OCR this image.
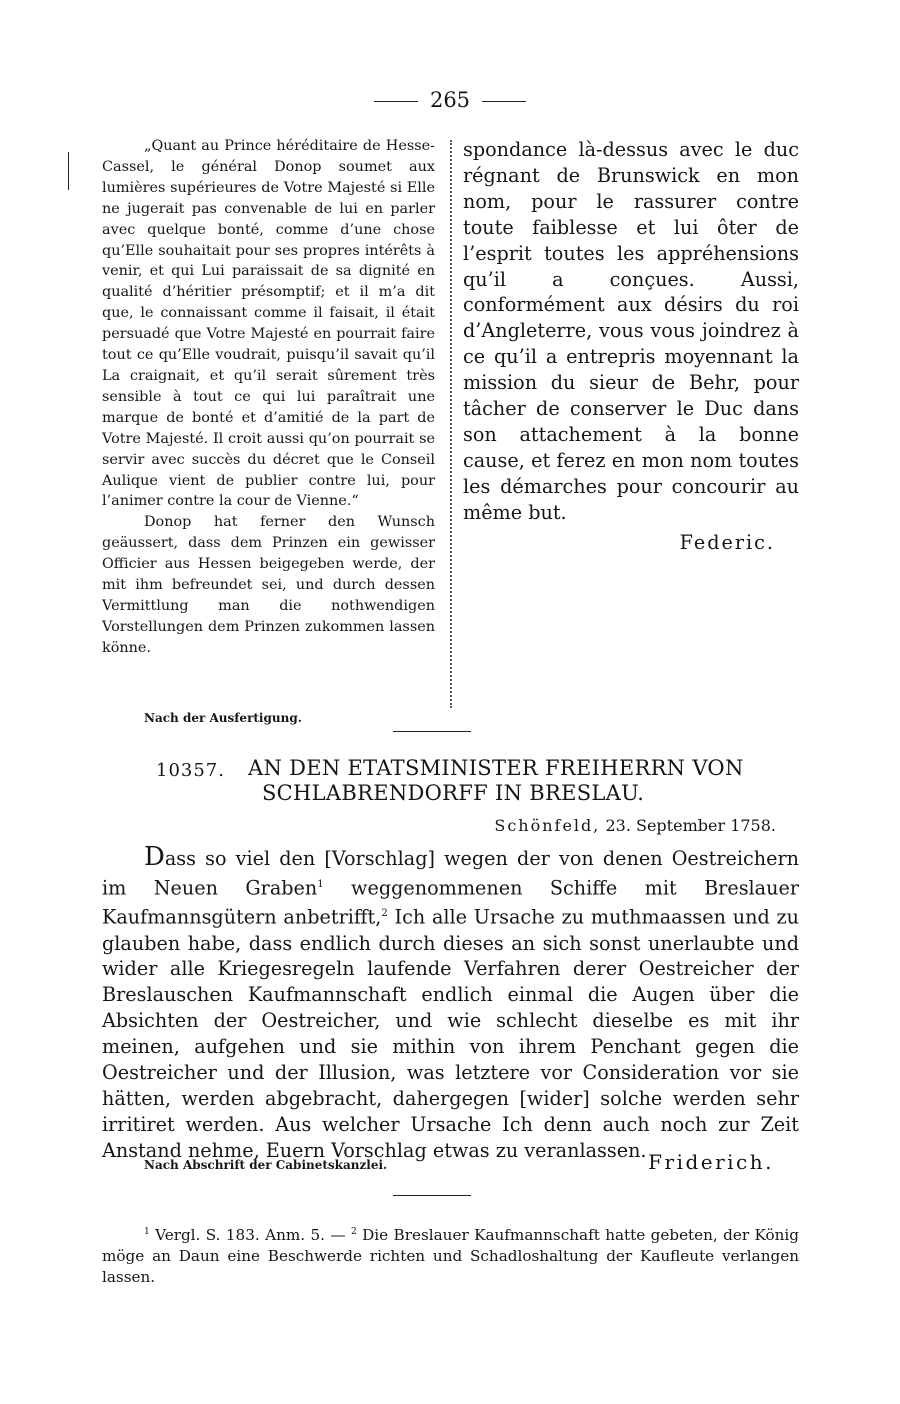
265

„Quant au Prince héréditaire de Hesse-Cassel, le général Donop soumet aux lumières supérieures de Votre Majesté si Elle ne jugerait pas convenable de lui en parler avec quelque bonté, comme d’une chose qu’Elle souhaitait pour ses propres intérêts à venir, et qui Lui paraissait de sa dignité en qualité d’héritier présomptif; et il m’a dit que, le connaissant comme il faisait, il était persuadé que Votre Majesté en pourrait faire tout ce qu’Elle voudrait, puisqu’il savait qu’il La craignait, et qu’il serait sûrement très sensible à tout ce qui lui paraîtrait une marque de bonté et d’amitié de la part de Votre Majesté. Il croit aussi qu’on pourrait se servir avec succès du décret que le Conseil Aulique vient de publier contre lui, pour l’animer contre la cour de Vienne.“

Donop hat ferner den Wunsch geäussert, dass dem Prinzen ein gewisser Officier aus Hessen beigegeben werde, der mit ihm befreundet sei, und durch dessen Vermittlung man die nothwendigen Vorstellungen dem Prinzen zukommen lassen könne.

spondance là-dessus avec le duc régnant de Brunswick en mon nom, pour le rassurer contre toute faiblesse et lui ôter de l’esprit toutes les appréhensions qu’il a conçues. Aussi, conformément aux désirs du roi d’Angleterre, vous vous joindrez à ce qu’il a entrepris moyennant la mission du sieur de Behr, pour tâcher de conserver le Duc dans son attachement à la bonne cause, et ferez en mon nom toutes les démarches pour concourir au même but.

Federic.

Nach der Ausfertigung.
10357. AN DEN ETATSMINISTER FREIHERRN VON
SCHLABRENDORFF IN BRESLAU.
Schönfeld, 23. September 1758.

Dass so viel den [Vorschlag] wegen der von denen Oestreichern im Neuen Graben$^1$ weggenommenen Schiffe mit Breslauer Kaufmannsgütern anbetrifft,$^2$ Ich alle Ursache zu muthmaassen und zu glauben habe, dass endlich durch dieses an sich sonst unerlaubte und wider alle Kriegesregeln laufende Verfahren derer Oestreicher der Breslauschen Kaufmannschaft endlich einmal die Augen über die Absichten der Oestreicher, und wie schlecht dieselbe es mit ihr meinen, aufgehen und sie mithin von ihrem Penchant gegen die Oestreicher und der Illusion, was letztere vor Consideration vor sie hätten, werden abgebracht, dahergegen [wider] solche werden sehr irritiret werden. Aus welcher Ursache Ich denn auch noch zur Zeit Anstand nehme, Euern Vorschlag etwas zu veranlassen.

Nach Abschrift der Cabinetskanzlei.	Friderich.

$^1$ Vergl. S. 183. Anm. 5. — $^2$ Die Breslauer Kaufmannschaft hatte gebeten, der König möge an Daun eine Beschwerde richten und Schadloshaltung der Kaufleute verlangen lassen.
